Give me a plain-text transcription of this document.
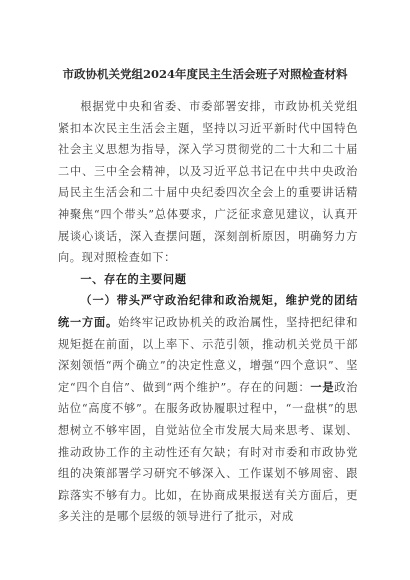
市政协机关党组2024年度民主生活会班子对照检查材料

根据党中央和省委、市委部署安排，市政协机关党组紧扣本次民主生活会主题，坚持以习近平新时代中国特色社会主义思想为指导，深入学习贯彻党的二十大和二十届二中、三中全会精神，以及习近平总书记在中共中央政治局民主生活会和二十届中央纪委四次全会上的重要讲话精神聚焦“四个带头”总体要求，广泛征求意见建议，认真开展谈心谈话，深入查摆问题，深刻剖析原因，明确努力方向。现对照检查如下：

一、存在的主要问题

（一）带头严守政治纪律和政治规矩，维护党的团结统一方面。始终牢记政协机关的政治属性，坚持把纪律和规矩挺在前面，以上率下、示范引领，推动机关党员干部深刻领悟“两个确立”的决定性意义，增强“四个意识”、坚定“四个自信”、做到“两个维护”。存在的问题：一是政治站位“高度不够”。在服务政协履职过程中，“一盘棋”的思想树立不够牢固，自觉站位全市发展大局来思考、谋划、推动政协工作的主动性还有欠缺；有时对市委和市政协党组的决策部署学习研究不够深入、工作谋划不够周密、跟踪落实不够有力。比如，在协商成果报送有关方面后，更多关注的是哪个层级的领导进行了批示，对成
